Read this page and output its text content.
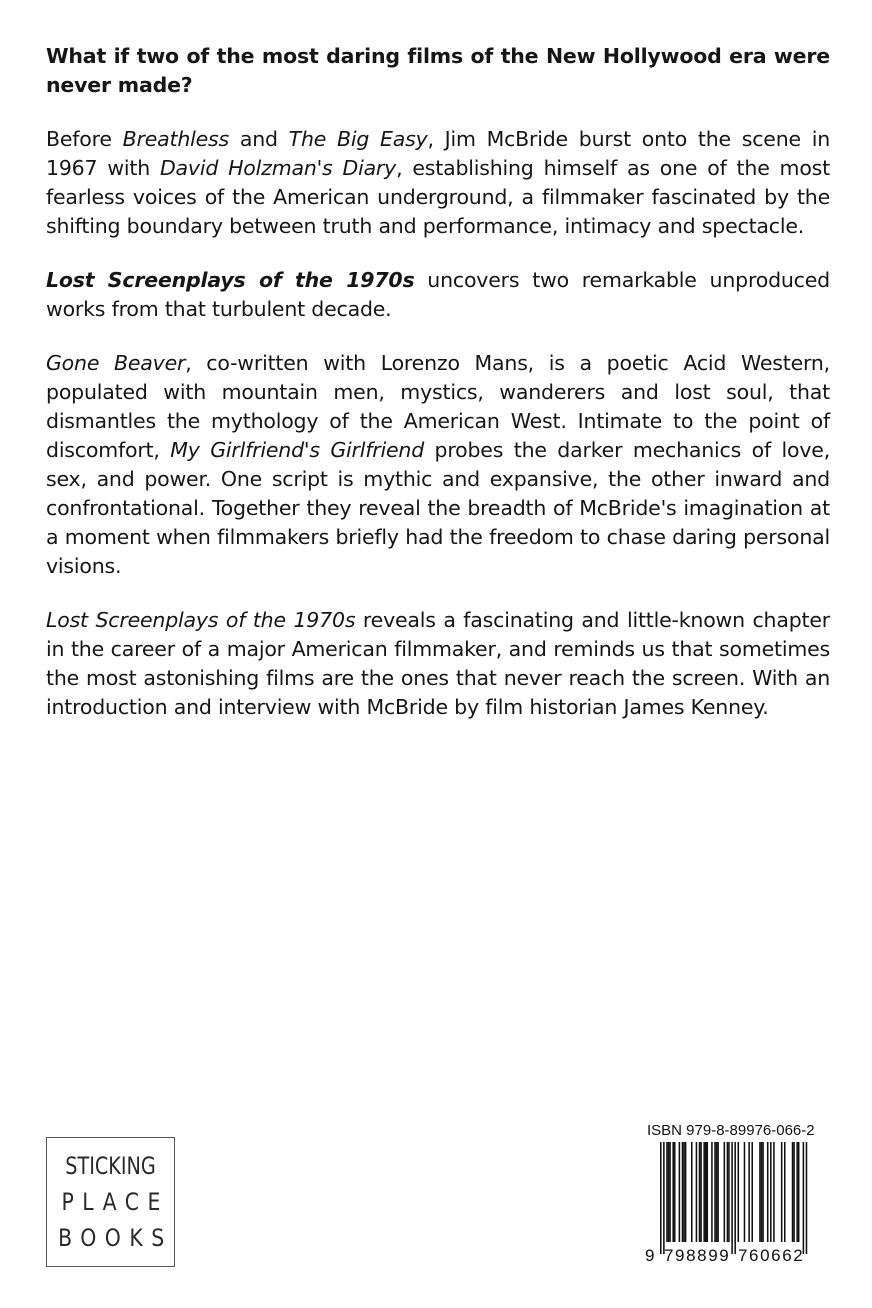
What if two of the most daring films of the New Hollywood era were never made?

Before Breathless and The Big Easy, Jim McBride burst onto the scene in 1967 with David Holzman's Diary, establishing himself as one of the most fearless voices of the American underground, a filmmaker fascinated by the shifting boundary between truth and performance, intimacy and spectacle.

Lost Screenplays of the 1970s uncovers two remarkable unproduced works from that turbulent decade.

Gone Beaver, co-written with Lorenzo Mans, is a poetic Acid Western, populated with mountain men, mystics, wanderers and lost soul, that dismantles the mythology of the American West. Intimate to the point of discomfort, My Girlfriend's Girlfriend probes the darker mechanics of love, sex, and power. One script is mythic and expansive, the other inward and confrontational. Together they reveal the breadth of McBride's imagination at a moment when filmmakers briefly had the freedom to chase daring personal visions.

Lost Screenplays of the 1970s reveals a fascinating and little-known chapter in the career of a major American filmmaker, and reminds us that sometimes the most astonishing films are the ones that never reach the screen. With an introduction and interview with McBride by film historian James Kenney.

STICKING
PLACE
BOOKS
ISBN 979-8-89976-066-2
9 798899 760662
